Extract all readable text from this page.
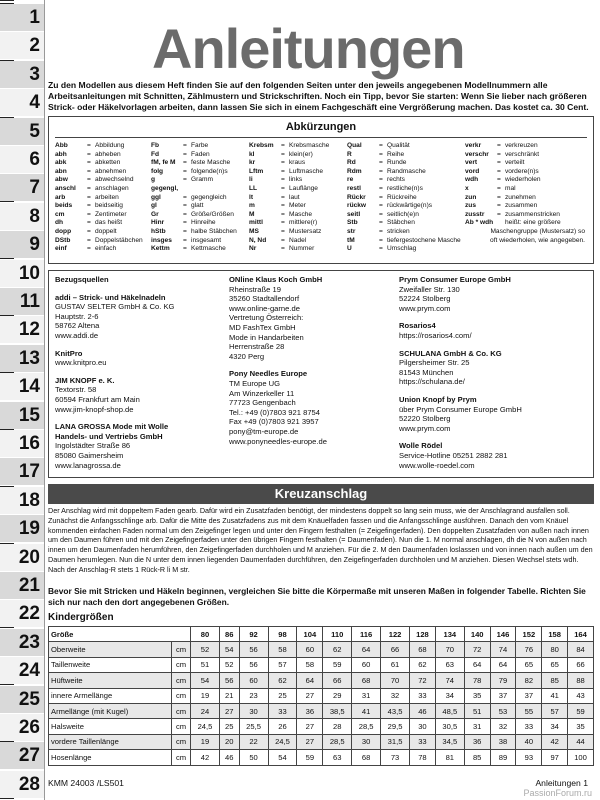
1
2
3
4
5
6
7
8
9
10
11
12
13
14
15
16
17
18
19
20
21
22
23
24
25
26
27
28
Anleitungen
Zu den Modellen aus diesem Heft finden Sie auf den folgenden Seiten unter den jeweils angegebenen Modellnummern alle Arbeitsanleitungen mit Schnitten, Zählmustern und Strickschriften. Noch ein Tipp, bevor Sie starten: Wenn Sie lieber nach größeren Strick- oder Häkelvorlagen arbeiten, dann lassen Sie sich in einem Fachgeschäft eine Vergrößerung machen. Das kostet ca. 30 Cent.
Abkürzungen
Abb	= Abbildung
abh	= abheben
abk	= abketten
abn	= abnehmen
abw	= abwechselnd
anschl	= anschlagen
arb	= arbeiten
beids	= beidseitig
cm	= Zentimeter
dh	= das heißt
dopp	= doppelt
DStb	= Doppelstäbchen
einf	= einfach
Fb	= Farbe
Fd	= Faden
fM, fe M	= feste Masche
folg	= folgende(n)s
g	= Gramm
gegengl,
ggl	= gegengleich
gl	= glatt
Gr	= Größe/Größen
Hinr	= Hinreihe
hStb	= halbe Stäbchen
insges	= insgesamt
Kettm	= Kettmasche
Krebsm	= Krebsmasche
kl	= klein(er)
kr	= kraus
Lftm	= Luftmasche
li	= links
LL	= Lauflänge
lt	= laut
m	= Meter
M	= Masche
mittl	= mittlere(r)
MS	= Mustersatz
N, Nd	= Nadel
Nr	= Nummer
Qual	= Qualität
R	= Reihe
Rd	= Runde
Rdm	= Randmasche
re	= rechts
restl	= restliche(n)s
Rückr	= Rückreihe
rückw	= rückwärtige(n)s
seitl	= seitlich(e)n
Stb	= Stäbchen
str	= stricken
tM	= tiefergestochene Masche
U	= Umschlag
verkr	= verkreuzen
verschr	= verschränkt
vert	= verteilt
vord	= vordere(n)s
wdh	= wiederholen
x	= mal
zun	= zunehmen
zus	= zusammen
zusstr	= zusammenstricken
Ab * wdh	heißt: eine größere
Maschengruppe (Mustersatz) so
oft wiederholen, wie angegeben.

Bezugsquellen

addi – Strick- und Häkelnadeln
GUSTAV SELTER GmbH & Co. KG
Hauptstr. 2-6
58762 Altena
www.addi.de

KnitPro
www.knitpro.eu

JIM KNOPF e. K.
Textorstr. 58
60594 Frankfurt am Main
www.jim-knopf-shop.de

LANA GROSSA Mode mit Wolle
Handels- und Vertriebs GmbH
Ingolstädter Straße 86
85080 Gaimersheim
www.lanagrossa.de

ONline Klaus Koch GmbH
Rheinstraße 19
35260 Stadtallendorf
www.online-garne.de
Vertretung Österreich:
MD FashTex GmbH
Mode in Handarbeiten
Herrenstraße 28
4320 Perg

Pony Needles Europe
TM Europe UG
Am Winzerkeller 11
77723 Gengenbach
Tel.: +49 (0)7803 921 8754
Fax +49 (0)7803 921 3957
pony@tm-europe.de
www.ponyneedles-europe.de

Prym Consumer Europe GmbH
Zweifaller Str. 130
52224 Stolberg
www.prym.com

Rosarios4
https://rosarios4.com/

SCHULANA GmbH & Co. KG
Pilgersheimer Str. 25
81543 München
https://schulana.de/

Union Knopf by Prym
über Prym Consumer Europe GmbH
52220 Stolberg
www.prym.com

Wolle Rödel
Service-Hotline 05251 2882 281
www.wolle-roedel.com

Kreuzanschlag
Der Anschlag wird mit doppeltem Faden gearb. Dafür wird ein Zusatzfaden benötigt, der mindestens doppelt so lang sein muss, wie der Anschlagrand ausfallen soll. Zunächst die Anfangsschlinge arb. Dafür die Mitte des Zusatzfadens zus mit dem Knäuelfaden fassen und die Anfangsschlinge ausführen. Danach den vom Knäuel kommenden einfachen Faden normal um den Zeigefinger legen und unter den Fingern festhalten (= Zeigefingerfaden). Den doppelten Zusatzfaden von außen nach innen um den Daumen führen und mit den Zeigefingerfaden unter den übrigen Fingern festhalten (= Daumenfaden). Nun die 1. M normal anschlagen, dh die N von außen nach innen um den Daumenfaden herumführen, den Zeigefingerfaden durchholen und M anziehen. Für die 2. M den Daumenfaden loslassen und von innen nach außen um den Daumen herumlegen. Nun die N unter dem innen liegenden Daumenfaden durchführen, den Zeigefingerfaden durchholen und M anziehen. Diesen Wechsel stets wdh. Nach der Anschlag-R stets 1 Rück-R li M str.
Bevor Sie mit Stricken und Häkeln beginnen, vergleichen Sie bitte die Körpermaße mit unseren Maßen in folgender Tabelle. Richten Sie sich nur nach den dort angegebenen Größen.
Kindergrößen
Größe		80	86	92	98	104	110	116	122	128	134	140	146	152	158	164
Oberweite	cm	52	54	56	58	60	62	64	66	68	70	72	74	76	80	84
Taillenweite	cm	51	52	56	57	58	59	60	61	62	63	64	64	65	65	66
Hüftweite	cm	54	56	60	62	64	66	68	70	72	74	78	79	82	85	88
innere Armellänge	cm	19	21	23	25	27	29	31	32	33	34	35	37	37	41	43
Armellänge (mit Kugel)	cm	24	27	30	33	36	38,5	41	43,5	46	48,5	51	53	55	57	59
Halsweite	cm	24,5	25	25,5	26	27	28	28,5	29,5	30	30,5	31	32	33	34	35
vordere Taillenlänge	cm	19	20	22	24,5	27	28,5	30	31,5	33	34,5	36	38	40	42	44
Hosenlänge	cm	42	46	50	54	59	63	68	73	78	81	85	89	93	97	100
KMM 24003 /LS501	Anleitungen 1
PassionForum.ru
